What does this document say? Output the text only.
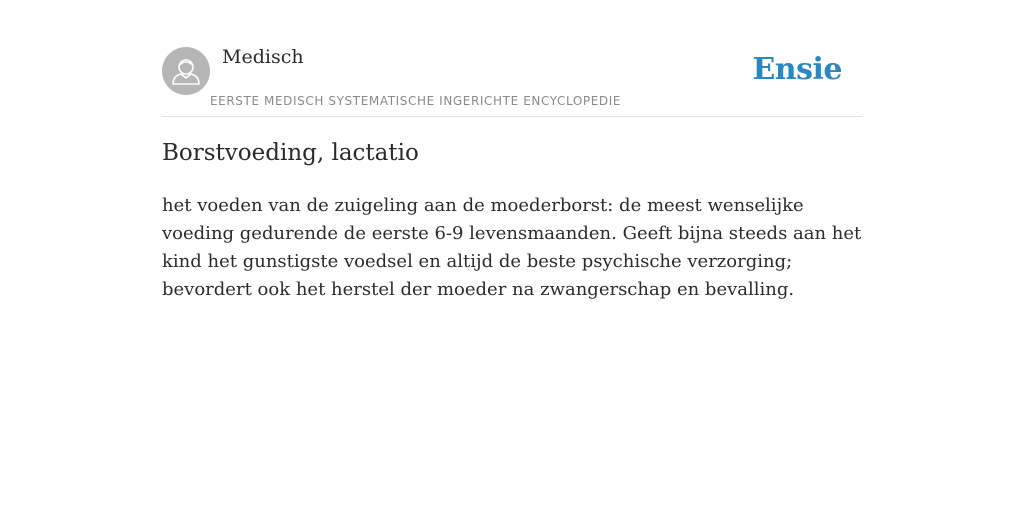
Medisch
EERSTE MEDISCH SYSTEMATISCHE INGERICHTE ENCYCLOPEDIE
Ensie
Borstvoeding, lactatio

het voeden van de zuigeling aan de moederborst: de meest wenselijke voeding gedurende de eerste 6-9 levensmaanden. Geeft bijna steeds aan het kind het gunstigste voedsel en altijd de beste psychische verzorging; bevordert ook het herstel der moeder na zwangerschap en bevalling.
